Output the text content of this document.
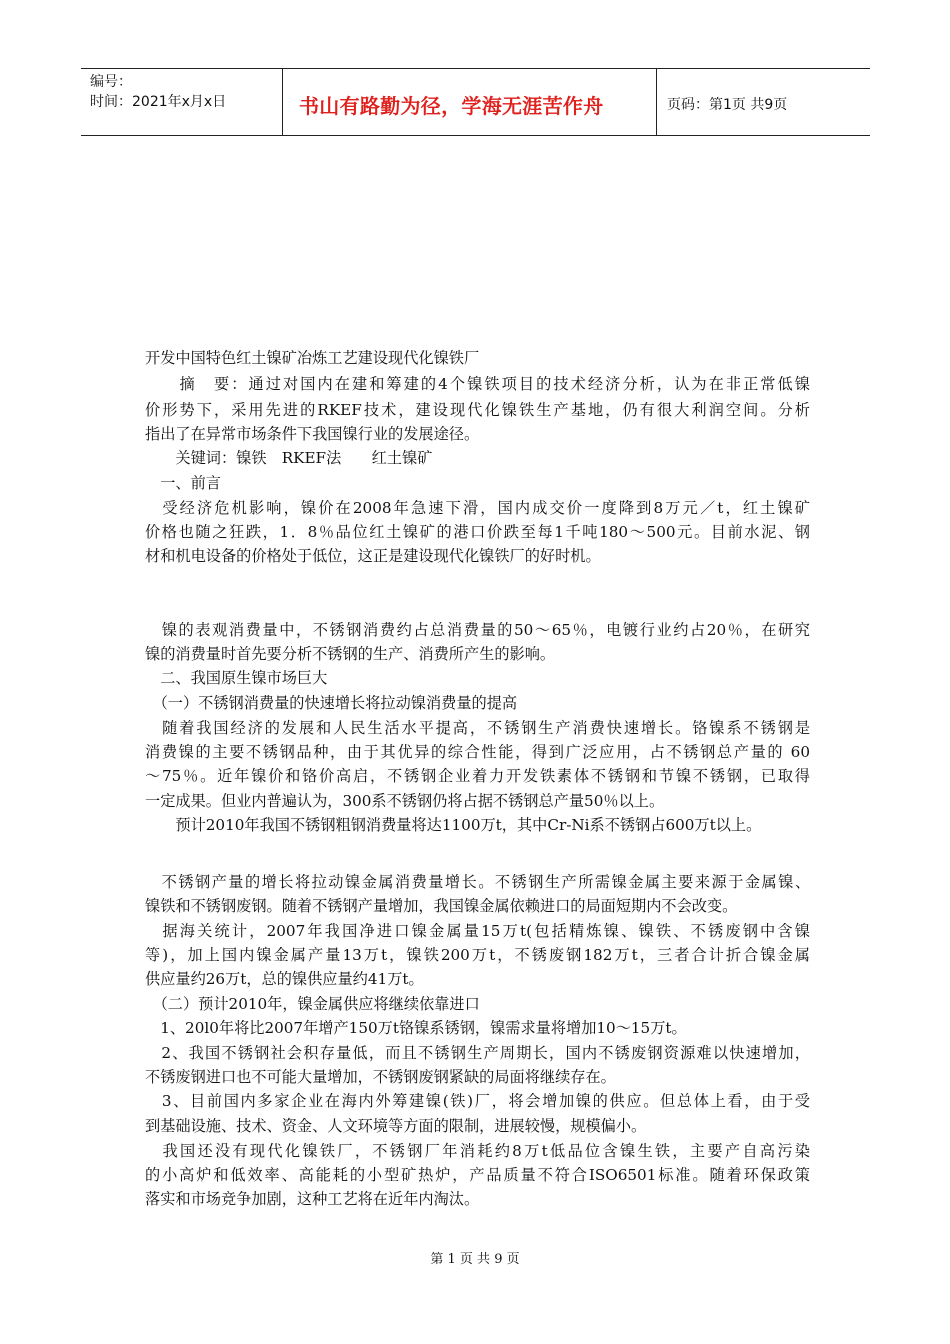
编号：
时间：2021年x月x日	书山有路勤为径，学海无涯苦作舟	页码：第1页 共9页
开发中国特色红土镍矿冶炼工艺建设现代化镍铁厂
　　摘　要：通过对国内在建和筹建的4个镍铁项目的技术经济分析，认为在非正常低镍
价形势下，采用先进的RKEF技术，建设现代化镍铁生产基地，仍有很大利润空间。分析
指出了在异常市场条件下我国镍行业的发展途径。
　　关键词：镍铁　RKEF法　　红土镍矿
　一、前言
　受经济危机影响，镍价在2008年急速下滑，国内成交价一度降到8万元／t，红土镍矿
价格也随之狂跌，1．8％品位红土镍矿的港口价跌至每1千吨180～500元。目前水泥、钢
材和机电设备的价格处于低位，这正是建设现代化镍铁厂的好时机。
　镍的表观消费量中，不锈钢消费约占总消费量的50～65％，电镀行业约占20％，在研究
镍的消费量时首先要分析不锈钢的生产、消费所产生的影响。
　二、我国原生镍市场巨大
　（一）不锈钢消费量的快速增长将拉动镍消费量的提高
　随着我国经济的发展和人民生活水平提高，不锈钢生产消费快速增长。铬镍系不锈钢是
消费镍的主要不锈钢品种，由于其优异的综合性能，得到广泛应用，占不锈钢总产量的 60
～75％。近年镍价和铬价高启，不锈钢企业着力开发铁素体不锈钢和节镍不锈钢，已取得
一定成果。但业内普遍认为，300系不锈钢仍将占据不锈钢总产量50％以上。
　　预计2010年我国不锈钢粗钢消费量将达1100万t，其中Cr-Ni系不锈钢占600万t以上。
　不锈钢产量的增长将拉动镍金属消费量增长。不锈钢生产所需镍金属主要来源于金属镍、
镍铁和不锈钢废钢。随着不锈钢产量增加，我国镍金属依赖进口的局面短期内不会改变。
　据海关统计，2007年我国净进口镍金属量15万t(包括精炼镍、镍铁、不锈废钢中含镍
等)，加上国内镍金属产量13万t，镍铁200万t，不锈废钢182万t，三者合计折合镍金属
供应量约26万t，总的镍供应量约41万t。
　（二）预计2010年，镍金属供应将继续依靠进口
　1、20l0年将比2007年增产150万t铬镍系锈钢，镍需求量将增加10～15万t。
　2、我国不锈钢社会积存量低，而且不锈钢生产周期长，国内不锈废钢资源难以快速增加，
不锈废钢进口也不可能大量增加，不锈钢废钢紧缺的局面将继续存在。
　3、目前国内多家企业在海内外筹建镍(铁)厂，将会增加镍的供应。但总体上看，由于受
到基础设施、技术、资金、人文环境等方面的限制，进展较慢，规模偏小。
　我国还没有现代化镍铁厂，不锈钢厂年消耗约8万t低品位含镍生铁，主要产自高污染
的小高炉和低效率、高能耗的小型矿热炉，产品质量不符合ISO6501标准。随着环保政策
落实和市场竞争加剧，这种工艺将在近年内淘汰。
第 1 页 共 9 页
